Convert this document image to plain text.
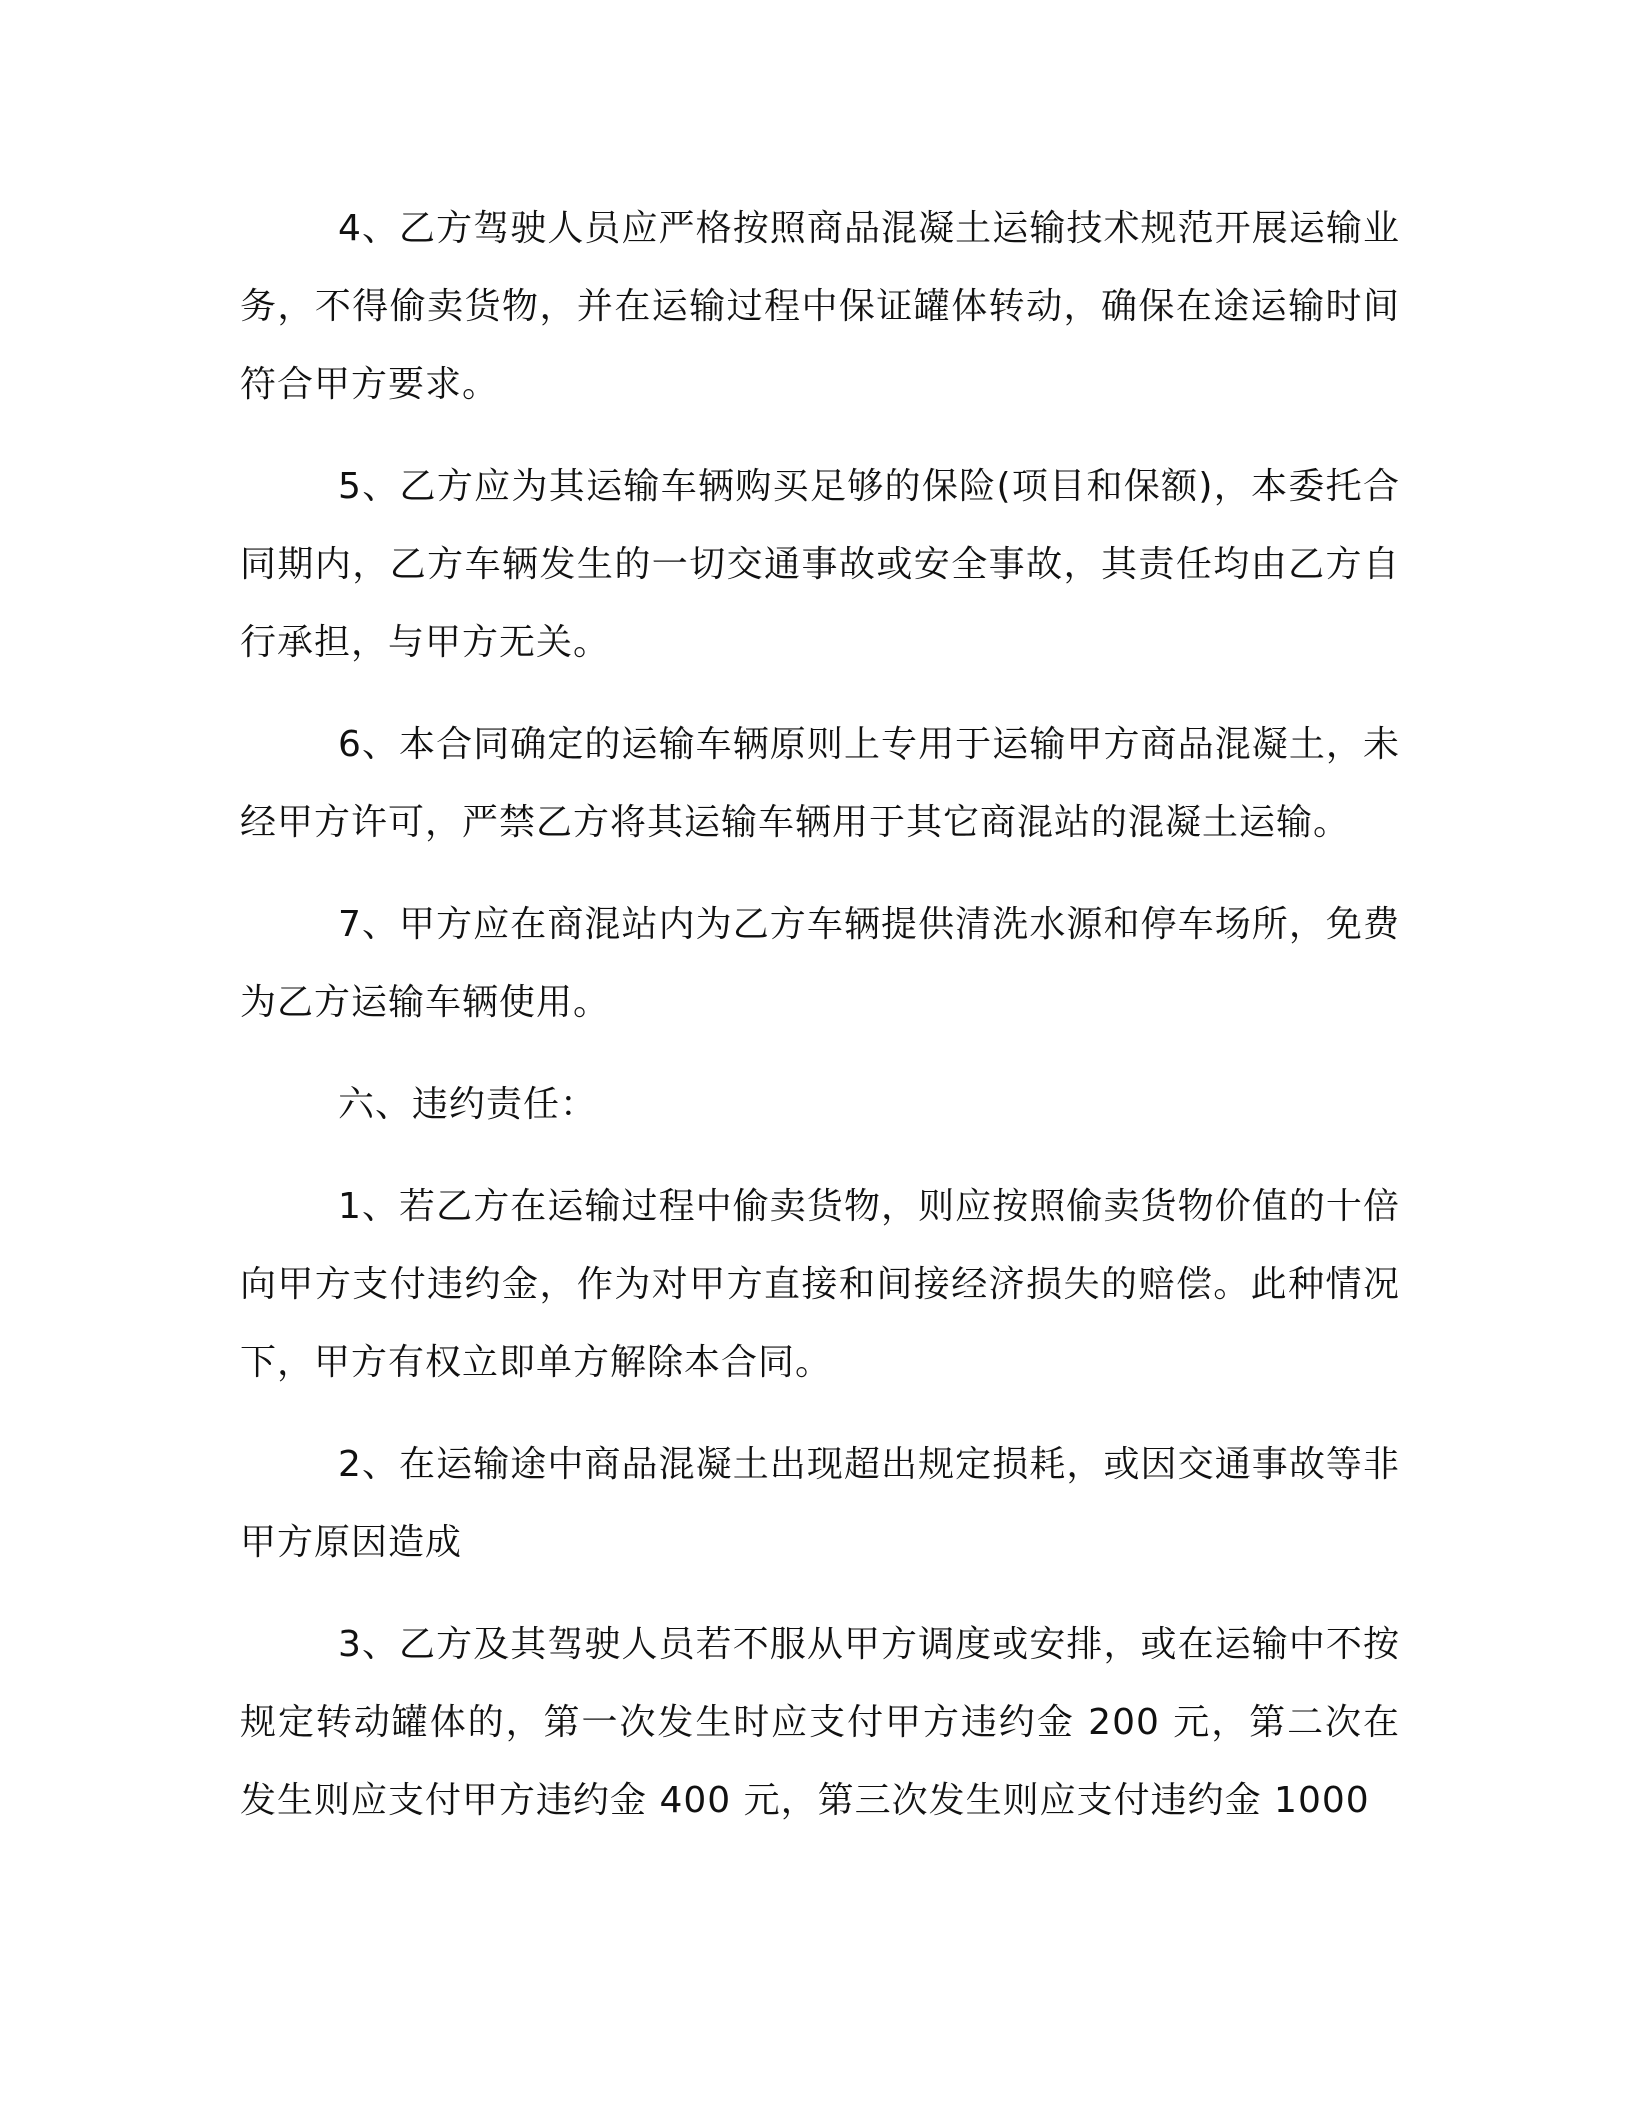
4、乙方驾驶人员应严格按照商品混凝土运输技术规范开展运输业务，不得偷卖货物，并在运输过程中保证罐体转动，确保在途运输时间符合甲方要求。

5、乙方应为其运输车辆购买足够的保险(项目和保额)，本委托合同期内，乙方车辆发生的一切交通事故或安全事故，其责任均由乙方自行承担，与甲方无关。

6、本合同确定的运输车辆原则上专用于运输甲方商品混凝土，未经甲方许可，严禁乙方将其运输车辆用于其它商混站的混凝土运输。

7、甲方应在商混站内为乙方车辆提供清洗水源和停车场所，免费为乙方运输车辆使用。

六、违约责任：

1、若乙方在运输过程中偷卖货物，则应按照偷卖货物价值的十倍向甲方支付违约金，作为对甲方直接和间接经济损失的赔偿。此种情况下，甲方有权立即单方解除本合同。

2、在运输途中商品混凝土出现超出规定损耗，或因交通事故等非甲方原因造成

3、乙方及其驾驶人员若不服从甲方调度或安排，或在运输中不按规定转动罐体的，第一次发生时应支付甲方违约金 200 元，第二次在发生则应支付甲方违约金 400 元，第三次发生则应支付违约金 1000
